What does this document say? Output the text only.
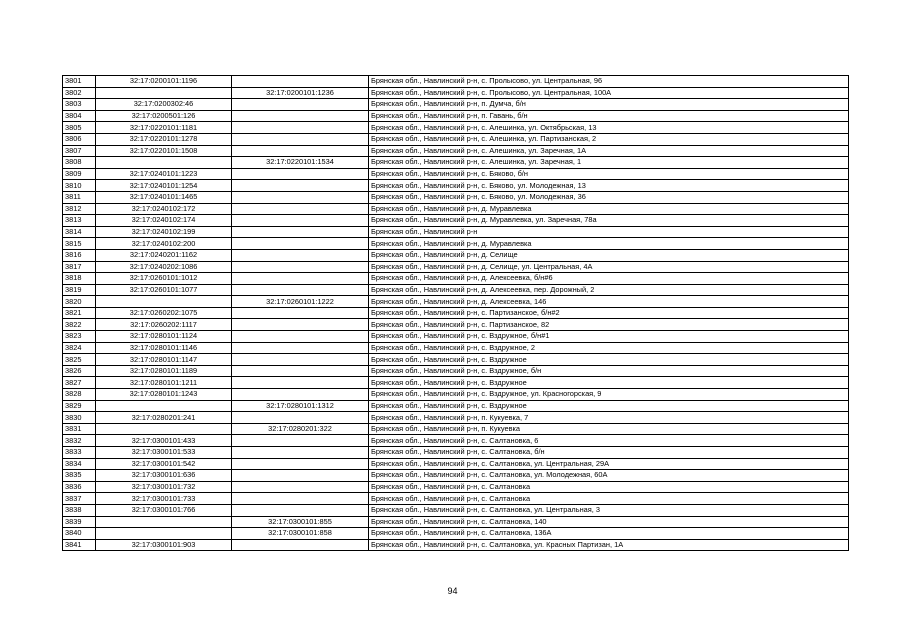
3801	32:17:0200101:1196		Брянская обл., Навлинский р-н, с. Пролысово, ул. Центральная, 96
3802		32:17:0200101:1236	Брянская обл., Навлинский р-н, с. Пролысово, ул. Центральная, 100А
3803	32:17:0200302:46		Брянская обл., Навлинский р-н, п. Думча, б/н
3804	32:17:0200501:126		Брянская обл., Навлинский р-н, п. Гавань, б/н
3805	32:17:0220101:1181		Брянская обл., Навлинский р-н, с. Алешинка, ул. Октябрьская, 13
3806	32:17:0220101:1278		Брянская обл., Навлинский р-н, с. Алешинка, ул. Партизанская, 2
3807	32:17:0220101:1508		Брянская обл., Навлинский р-н, с. Алешинка, ул. Заречная, 1А
3808		32:17:0220101:1534	Брянская обл., Навлинский р-н, с. Алешинка, ул. Заречная, 1
3809	32:17:0240101:1223		Брянская обл., Навлинский р-н, с. Бяково, б/н
3810	32:17:0240101:1254		Брянская обл., Навлинский р-н, с. Бяково, ул. Молодежная, 13
3811	32:17:0240101:1465		Брянская обл., Навлинский р-н, с. Бяково, ул. Молодежная, 36
3812	32:17:0240102:172		Брянская обл., Навлинский р-н, д. Муравлевка
3813	32:17:0240102:174		Брянская обл., Навлинский р-н, д. Муравлевка, ул. Заречная, 78а
3814	32:17:0240102:199		Брянская обл., Навлинский р-н
3815	32:17:0240102:200		Брянская обл., Навлинский р-н, д. Муравлевка
3816	32:17:0240201:1162		Брянская обл., Навлинский р-н, д. Селище
3817	32:17:0240202:1086		Брянская обл., Навлинский р-н, д. Селище, ул. Центральная, 4А
3818	32:17:0260101:1012		Брянская обл., Навлинский р-н, д. Алексеевка, б/н#6
3819	32:17:0260101:1077		Брянская обл., Навлинский р-н, д. Алексеевка, пер. Дорожный, 2
3820		32:17:0260101:1222	Брянская обл., Навлинский р-н, д. Алексеевка, 146
3821	32:17:0260202:1075		Брянская обл., Навлинский р-н, с. Партизанское, б/н#2
3822	32:17:0260202:1117		Брянская обл., Навлинский р-н, с. Партизанское, 82
3823	32:17:0280101:1124		Брянская обл., Навлинский р-н, с. Вздружное, б/н#1
3824	32:17:0280101:1146		Брянская обл., Навлинский р-н, с. Вздружное, 2
3825	32:17:0280101:1147		Брянская обл., Навлинский р-н, с. Вздружное
3826	32:17:0280101:1189		Брянская обл., Навлинский р-н, с. Вздружное, б/н
3827	32:17:0280101:1211		Брянская обл., Навлинский р-н, с. Вздружное
3828	32:17:0280101:1243		Брянская обл., Навлинский р-н, с. Вздружное, ул. Красногорская, 9
3829		32:17:0280101:1312	Брянская обл., Навлинский р-н, с. Вздружное
3830	32:17:0280201:241		Брянская обл., Навлинский р-н, п. Кукуевка, 7
3831		32:17:0280201:322	Брянская обл., Навлинский р-н, п. Кукуевка
3832	32:17:0300101:433		Брянская обл., Навлинский р-н, с. Салтановка, 6
3833	32:17:0300101:533		Брянская обл., Навлинский р-н, с. Салтановка, б/н
3834	32:17:0300101:542		Брянская обл., Навлинский р-н, с. Салтановка, ул. Центральная, 29А
3835	32:17:0300101:636		Брянская обл., Навлинский р-н, с. Салтановка, ул. Молодежная, 60А
3836	32:17:0300101:732		Брянская обл., Навлинский р-н, с. Салтановка
3837	32:17:0300101:733		Брянская обл., Навлинский р-н, с. Салтановка
3838	32:17:0300101:766		Брянская обл., Навлинский р-н, с. Салтановка, ул. Центральная, 3
3839		32:17:0300101:855	Брянская обл., Навлинский р-н, с. Салтановка, 140
3840		32:17:0300101:858	Брянская обл., Навлинский р-н, с. Салтановка, 136А
3841	32:17:0300101:903		Брянская обл., Навлинский р-н, с. Салтановка, ул. Красных Партизан, 1А
94
